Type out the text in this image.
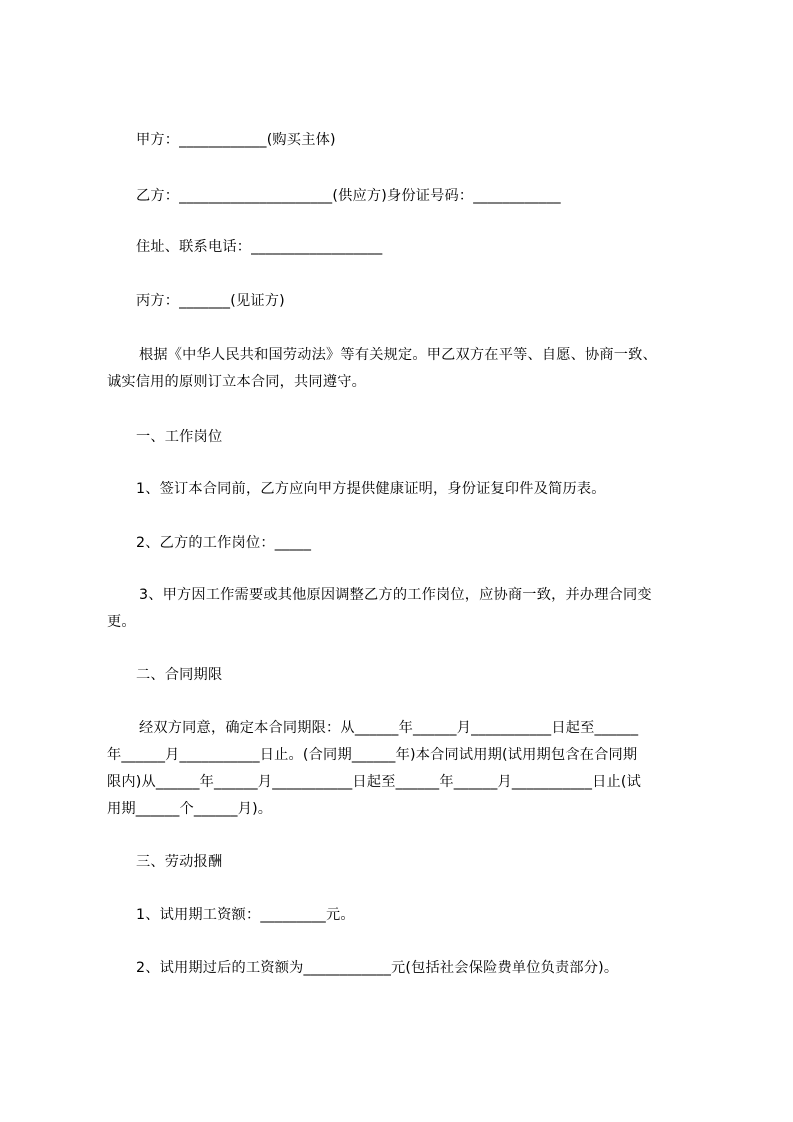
甲方：____________(购买主体)
乙方：_____________________(供应方)身份证号码：____________
住址、联系电话：__________________
丙方：_______(见证方)
根据《中华人民共和国劳动法》等有关规定。甲乙双方在平等、自愿、协商一致、
诚实信用的原则订立本合同，共同遵守。
一、工作岗位
1、签订本合同前，乙方应向甲方提供健康证明，身份证复印件及简历表。
2、乙方的工作岗位：_____
3、甲方因工作需要或其他原因调整乙方的工作岗位，应协商一致，并办理合同变
更。
二、合同期限
经双方同意，确定本合同期限：从______年______月___________日起至______
年______月___________日止。(合同期______年)本合同试用期(试用期包含在合同期
限内)从______年______月___________日起至______年______月___________日止(试
用期______个______月)。
三、劳动报酬
1、试用期工资额：_________元。
2、试用期过后的工资额为____________元(包括社会保险费单位负责部分)。
